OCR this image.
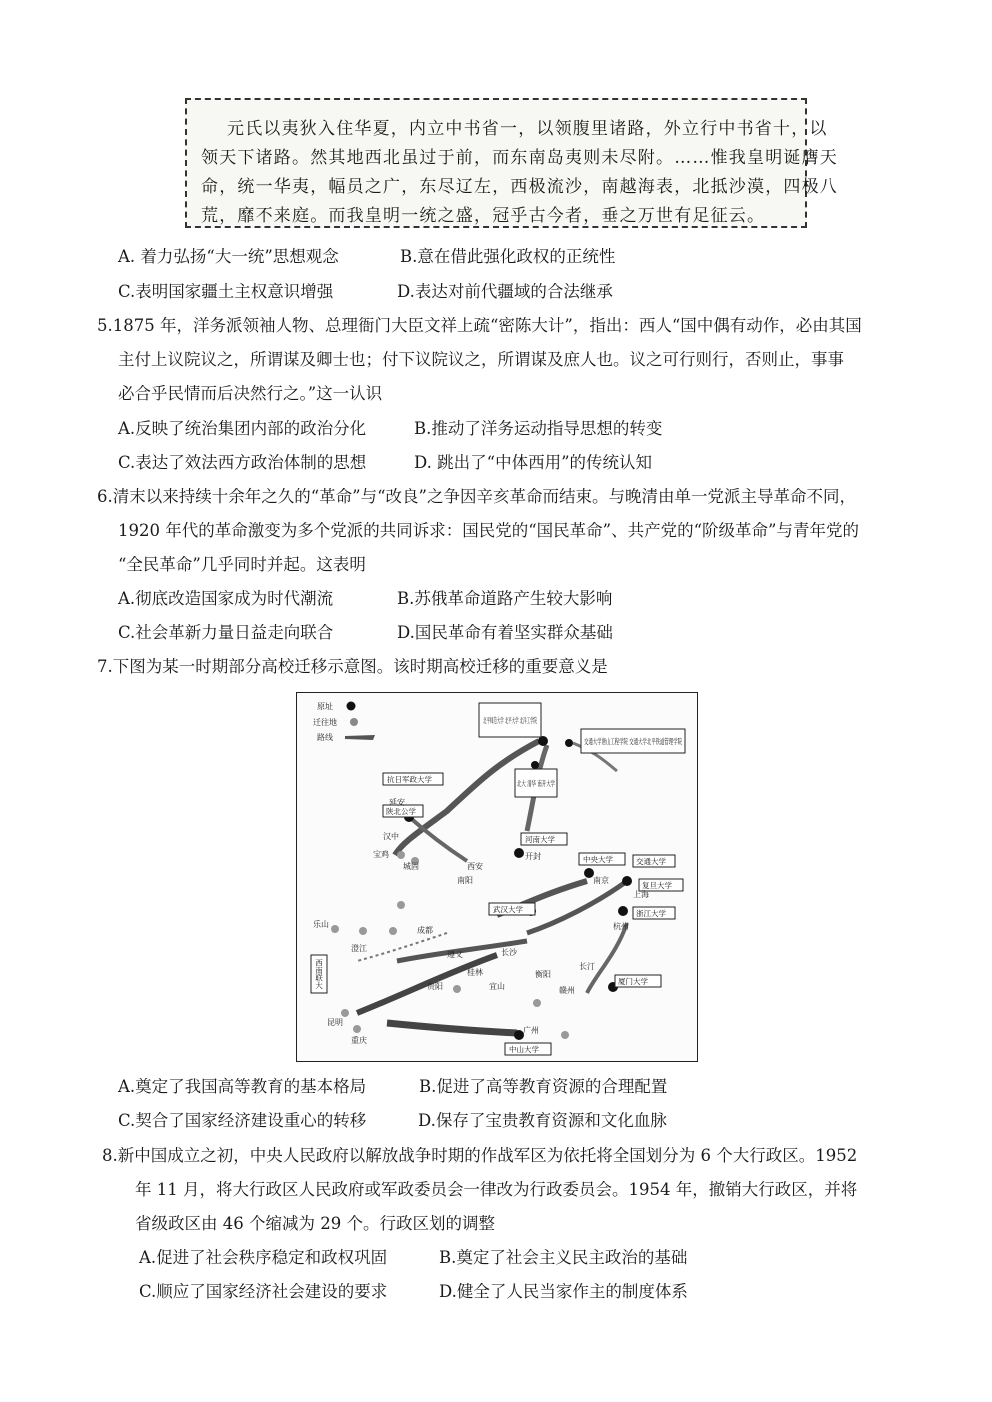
元氏以夷狄入住华夏，内立中书省一，以领腹里诸路，外立行中书省十，以
领天下诸路。然其地西北虽过于前，而东南岛夷则未尽附。……惟我皇明诞膺天
命，统一华夷，幅员之广，东尽辽左，西极流沙，南越海表，北抵沙漠，四极八
荒，靡不来庭。而我皇明一统之盛，冠乎古今者，垂之万世有足征云。
A. 着力弘扬“大一统”思想观念	B.意在借此强化政权的正统性
C.表明国家疆土主权意识增强	D.表达对前代疆域的合法继承
5.1875 年，洋务派领袖人物、总理衙门大臣文祥上疏“密陈大计”，指出：西人“国中偶有动作，必由其国
主付上议院议之，所谓谋及卿士也；付下议院议之，所谓谋及庶人也。议之可行则行，否则止，事事
必合乎民情而后决然行之。”这一认识
A.反映了统治集团内部的政治分化	B.推动了洋务运动指导思想的转变
C.表达了效法西方政治体制的思想	D. 跳出了“中体西用”的传统认知
6.清末以来持续十余年之久的“革命”与“改良”之争因辛亥革命而结束。与晚清由单一党派主导革命不同，
1920 年代的革命激变为多个党派的共同诉求：国民党的“国民革命”、共产党的“阶级革命”与青年党的
“全民革命”几乎同时并起。这表明
A.彻底改造国家成为时代潮流	B.苏俄革命道路产生较大影响
C.社会革新力量日益走向联合	D.国民革命有着坚实群众基础
7.下图为某一时期部分高校迁移示意图。该时期高校迁移的重要意义是
原址
迁往地
路线
北平师范大学 北平大学 北洋工学院
交通大学唐山工程学院 交通大学北平铁道管理学院
抗日军政大学
陕北公学
北大 清华 南开大学
河南大学
中央大学	交通大学
复旦大学
武汉大学	浙江大学
西南联大	厦门大学
中山大学
延安
西安
宝鸡
汉中
城固
南阳
开封
南京
上海
杭州
长沙
昆明
重庆
贵阳
桂林
广州
乐山
成都
遵义
衡阳
赣州
长汀
宜山
澄江
A.奠定了我国高等教育的基本格局	B.促进了高等教育资源的合理配置
C.契合了国家经济建设重心的转移	D.保存了宝贵教育资源和文化血脉
8.新中国成立之初，中央人民政府以解放战争时期的作战军区为依托将全国划分为 6 个大行政区。1952
年 11 月，将大行政区人民政府或军政委员会一律改为行政委员会。1954 年，撤销大行政区，并将
省级政区由 46 个缩减为 29 个。行政区划的调整
A.促进了社会秩序稳定和政权巩固	B.奠定了社会主义民主政治的基础
C.顺应了国家经济社会建设的要求	D.健全了人民当家作主的制度体系
